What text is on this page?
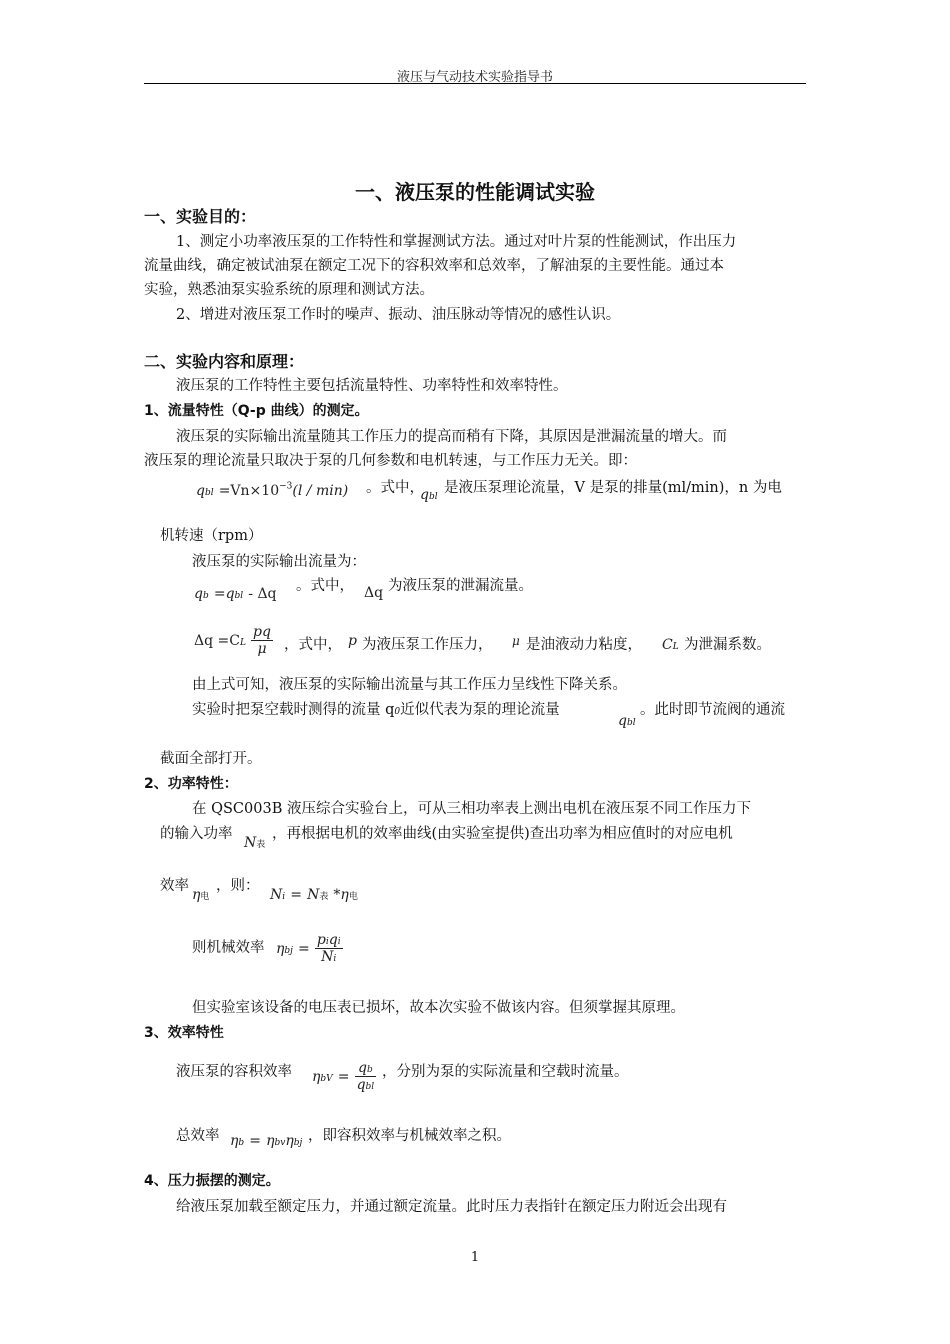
液压与气动技术实验指导书
一、液压泵的性能调试实验
一、实验目的：
1、测定小功率液压泵的工作特性和掌握测试方法。通过对叶片泵的性能测试，作出压力
流量曲线，确定被试油泵在额定工况下的容积效率和总效率，了解油泵的主要性能。通过本
实验，熟悉油泵实验系统的原理和测试方法。
2、增进对液压泵工作时的噪声、振动、油压脉动等情况的感性认识。
二、实验内容和原理：
液压泵的工作特性主要包括流量特性、功率特性和效率特性。
1、流量特性（Q-p 曲线）的测定。
液压泵的实际输出流量随其工作压力的提高而稍有下降，其原因是泄漏流量的增大。而
液压泵的理论流量只取决于泵的几何参数和电机转速，与工作压力无关。即：
qbl $=Vn\times 10^{-3}(l / \min)$ 。式中，
qbl
是液压泵理论流量，V 是泵的排量(ml/min)，n 为电
机转速（rpm）
液压泵的实际输出流量为：
qb =qbl - Δq 。式中， Δq 为液压泵的泄漏流量。
$\Delta q =CL \frac{pq}{\mu}$ ，式中， p 为液压泵工作压力， μ 是油液动力粘度， CL 为泄漏系数。
由上式可知，液压泵的实际输出流量与其工作压力呈线性下降关系。
实验时把泵空载时测得的流量 q0近似代表为泵的理论流量
qbl
。此时即节流阀的通流
截面全部打开。
2、功率特性：
在 QSC003B 液压综合实验台上，可从三相功率表上测出电机在液压泵不同工作压力下
的输入功率
N表
，再根据电机的效率曲线(由实验室提供)查出功率为相应值时的对应电机
效率
η电
，则：
Ni = N表 *η电
则机械效率 $\eta bj = \frac{\text{piqi}}{Ni}$
但实验室该设备的电压表已损坏，故本次实验不做该内容。但须掌握其原理。
3、效率特性
液压泵的容积效率 $\eta bV = \frac{qb}{\text{qbl}}$ ，分别为泵的实际流量和空载时流量。
总效率 ηb = ηbvηbj ，即容积效率与机械效率之积。
4、压力振摆的测定。
给液压泵加载至额定压力，并通过额定流量。此时压力表指针在额定压力附近会出现有
1
